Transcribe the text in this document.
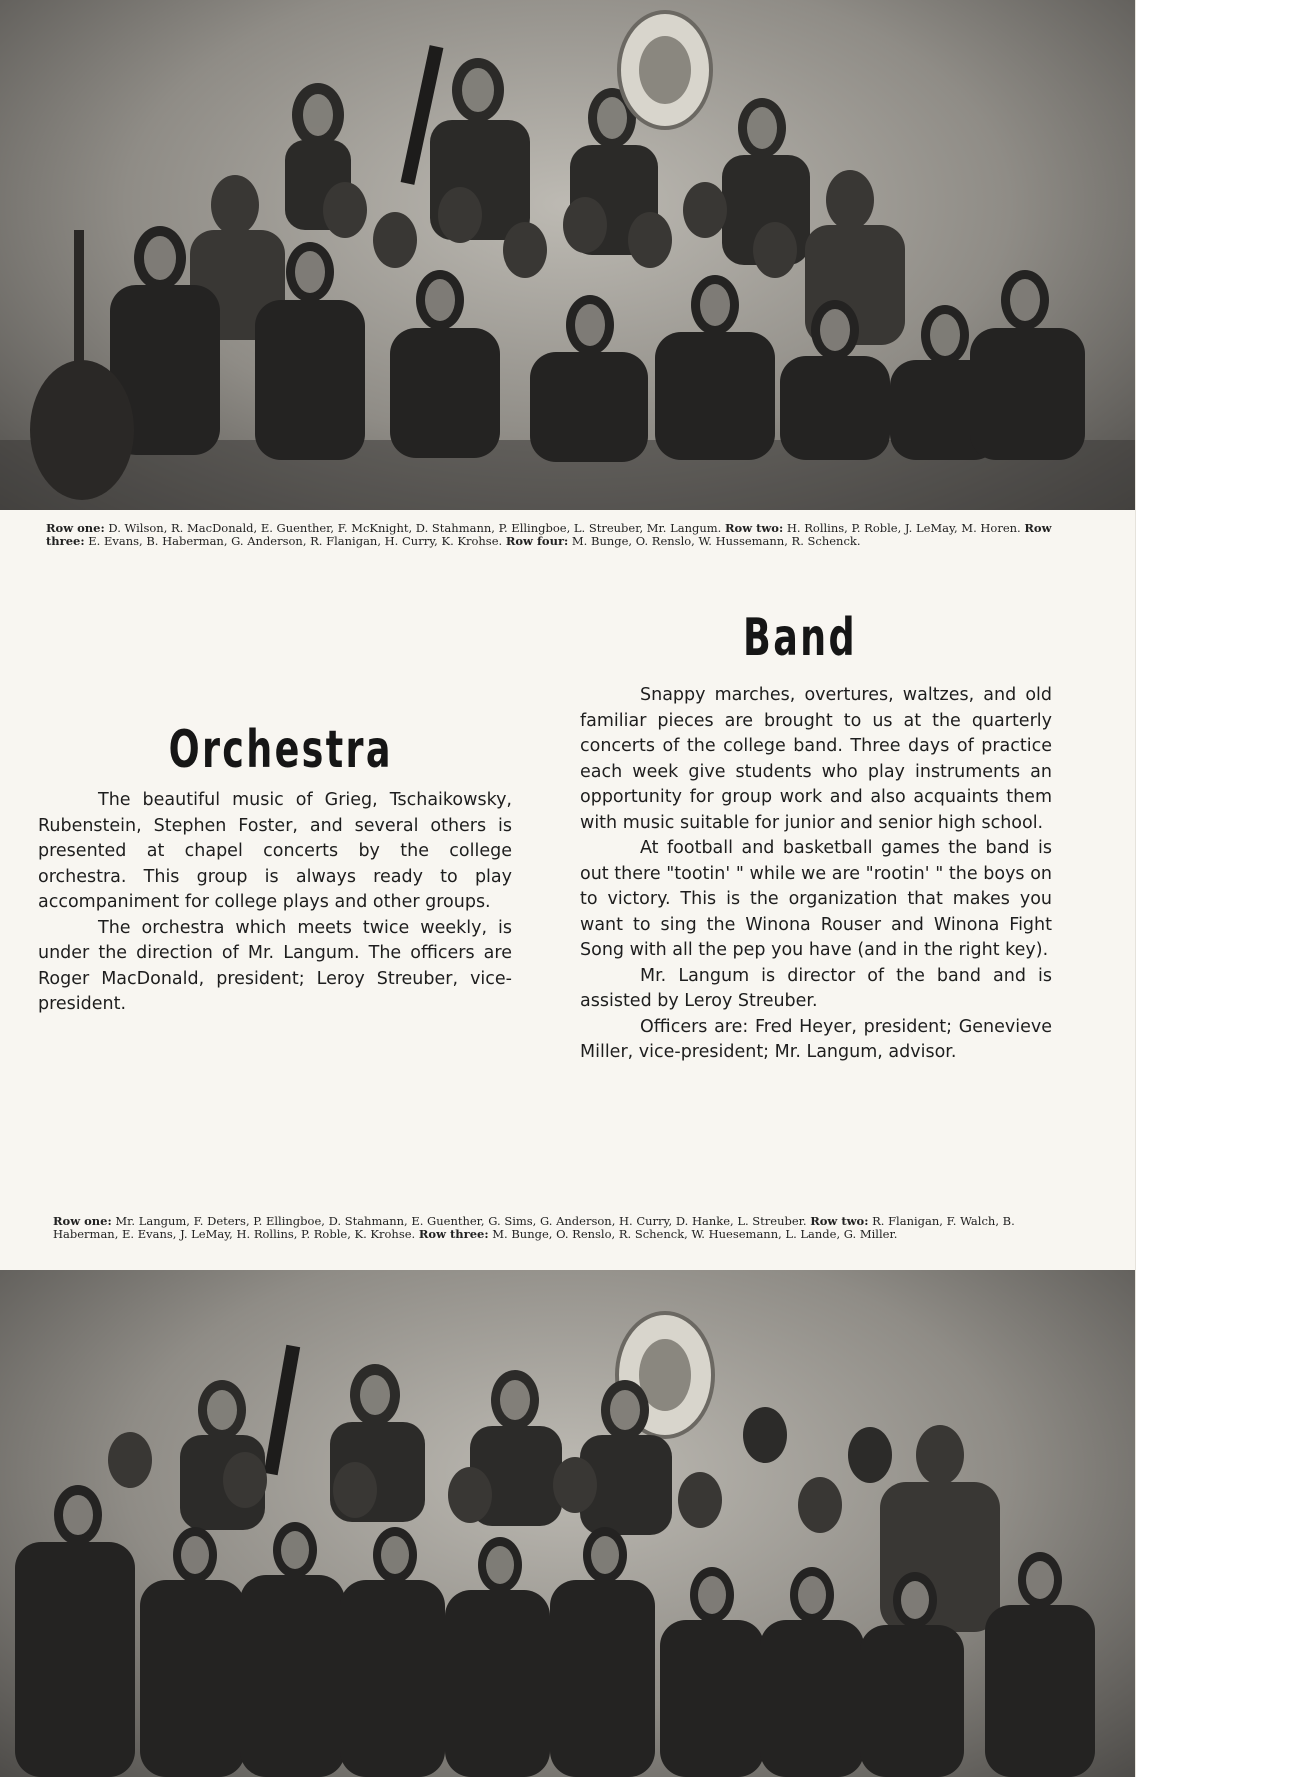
Row one: D. Wilson, R. MacDonald, E. Guenther, F. McKnight, D. Stahmann, P. Ellingboe, L. Streuber, Mr. Langum. Row two: H. Rollins, P. Roble, J. LeMay, M. Horen. Row three: E. Evans, B. Haberman, G. Anderson, R. Flanigan, H. Curry, K. Krohse. Row four: M. Bunge, O. Renslo, W. Hussemann, R. Schenck.

Band
Orchestra

The beautiful music of Grieg, Tschaikowsky, Rubenstein, Stephen Foster, and several others is presented at chapel concerts by the college orchestra. This group is always ready to play accompaniment for college plays and other groups.

The orchestra which meets twice weekly, is under the direction of Mr. Langum. The officers are Roger MacDonald, president; Leroy Streuber, vice-president.

Snappy marches, overtures, waltzes, and old familiar pieces are brought to us at the quarterly concerts of the college band. Three days of practice each week give students who play instruments an opportunity for group work and also acquaints them with music suitable for junior and senior high school.

At football and basketball games the band is out there "tootin' " while we are "rootin' " the boys on to victory. This is the organization that makes you want to sing the Winona Rouser and Winona Fight Song with all the pep you have (and in the right key).

Mr. Langum is director of the band and is assisted by Leroy Streuber.

Officers are: Fred Heyer, president; Genevieve Miller, vice-president; Mr. Langum, advisor.

Row one: Mr. Langum, F. Deters, P. Ellingboe, D. Stahmann, E. Guenther, G. Sims, G. Anderson, H. Curry, D. Hanke, L. Streuber. Row two: R. Flanigan, F. Walch, B. Haberman, E. Evans, J. LeMay, H. Rollins, P. Roble, K. Krohse. Row three: M. Bunge, O. Renslo, R. Schenck, W. Huesemann, L. Lande, G. Miller.
